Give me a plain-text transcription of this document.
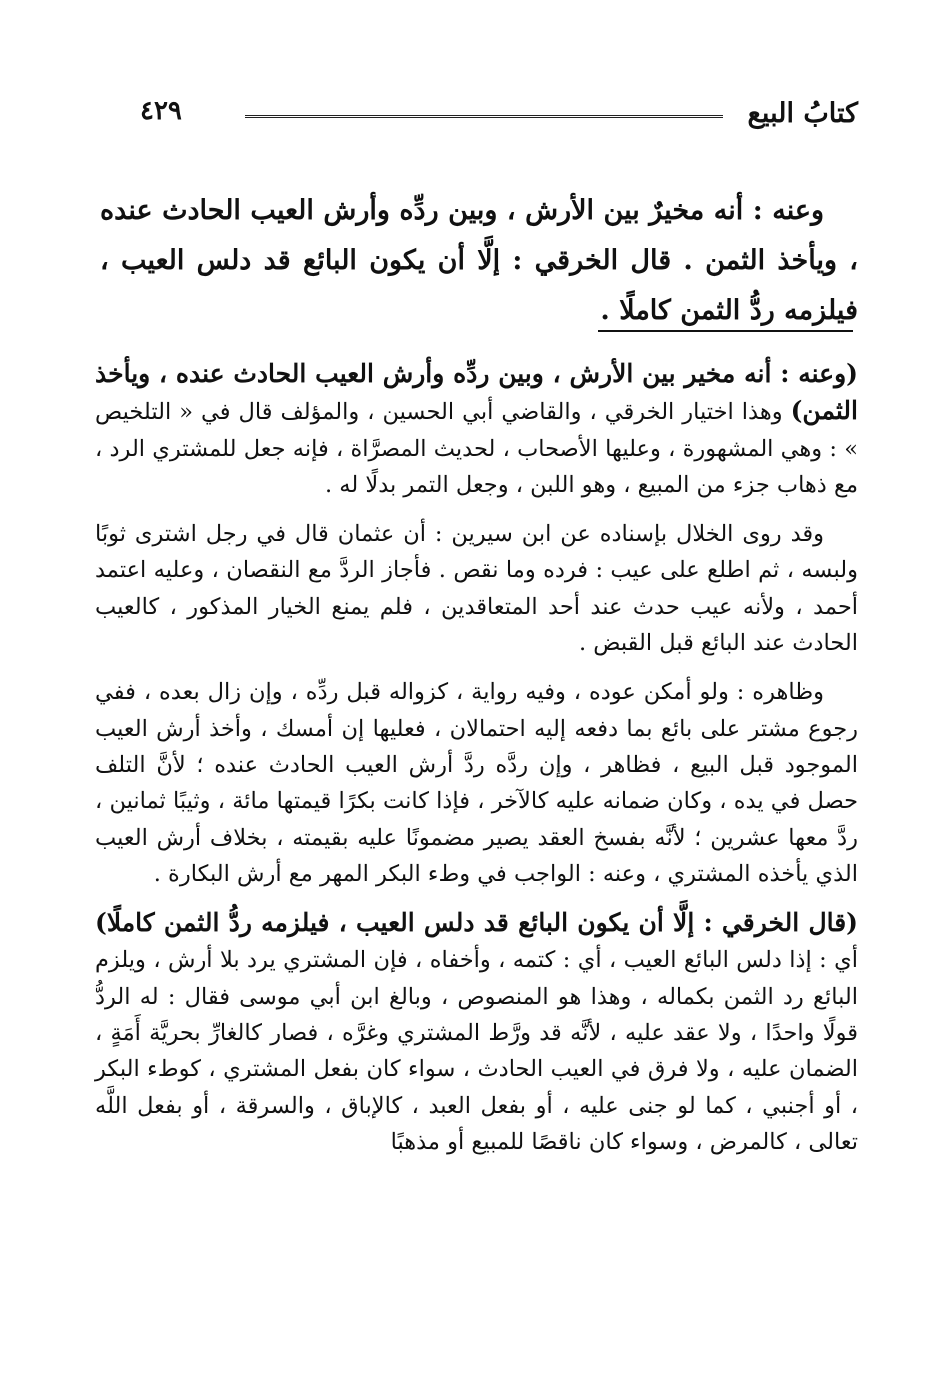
كتابُ البيع
٤٢٩
وعنه : أنه مخيرٌ بين الأرش ، وبين ردِّه وأرش العيب الحادث عنده ، ويأخذ الثمن . قال الخرقي : إلَّا أن يكون البائع قد دلس العيب ، فيلزمه ردُّ الثمن كاملًا .

(وعنه : أنه مخير بين الأرش ، وبين ردِّه وأرش العيب الحادث عنده ، ويأخذ الثمن) وهذا اختيار الخرقي ، والقاضي أبي الحسين ، والمؤلف قال في « التلخيص » : وهي المشهورة ، وعليها الأصحاب ، لحديث المصرَّاة ، فإنه جعل للمشتري الرد ، مع ذهاب جزء من المبيع ، وهو اللبن ، وجعل التمر بدلًا له .

وقد روى الخلال بإسناده عن ابن سيرين : أن عثمان قال في رجل اشترى ثوبًا ولبسه ، ثم اطلع على عيب : فرده وما نقص . فأجاز الردَّ مع النقصان ، وعليه اعتمد أحمد ، ولأنه عيب حدث عند أحد المتعاقدين ، فلم يمنع الخيار المذكور ، كالعيب الحادث عند البائع قبل القبض .

وظاهره : ولو أمكن عوده ، وفيه رواية ، كزواله قبل ردِّه ، وإن زال بعده ، ففي رجوع مشتر على بائع بما دفعه إليه احتمالان ، فعليها إن أمسك ، وأخذ أرش العيب الموجود قبل البيع ، فظاهر ، وإن ردَّه ردَّ أرش العيب الحادث عنده ؛ لأنَّ التلف حصل في يده ، وكان ضمانه عليه كالآخر ، فإذا كانت بكرًا قيمتها مائة ، وثيبًا ثمانين ، ردَّ معها عشرين ؛ لأنَّه بفسخ العقد يصير مضمونًا عليه بقيمته ، بخلاف أرش العيب الذي يأخذه المشتري ، وعنه : الواجب في وطء البكر المهر مع أرش البكارة .

(قال الخرقي : إلَّا أن يكون البائع قد دلس العيب ، فيلزمه ردُّ الثمن كاملًا) أي : إذا دلس البائع العيب ، أي : كتمه ، وأخفاه ، فإن المشتري يرد بلا أرش ، ويلزم البائع رد الثمن بكماله ، وهذا هو المنصوص ، وبالغ ابن أبي موسى فقال : له الردُّ قولًا واحدًا ، ولا عقد عليه ، لأنَّه قد ورَّط المشتري وغرَّه ، فصار كالغارِّ بحريَّة أَمَةٍ ، الضمان عليه ، ولا فرق في العيب الحادث ، سواء كان بفعل المشتري ، كوطء البكر ، أو أجنبي ، كما لو جنى عليه ، أو بفعل العبد ، كالإباق ، والسرقة ، أو بفعل اللَّه تعالى ، كالمرض ، وسواء كان ناقصًا للمبيع أو مذهبًا
